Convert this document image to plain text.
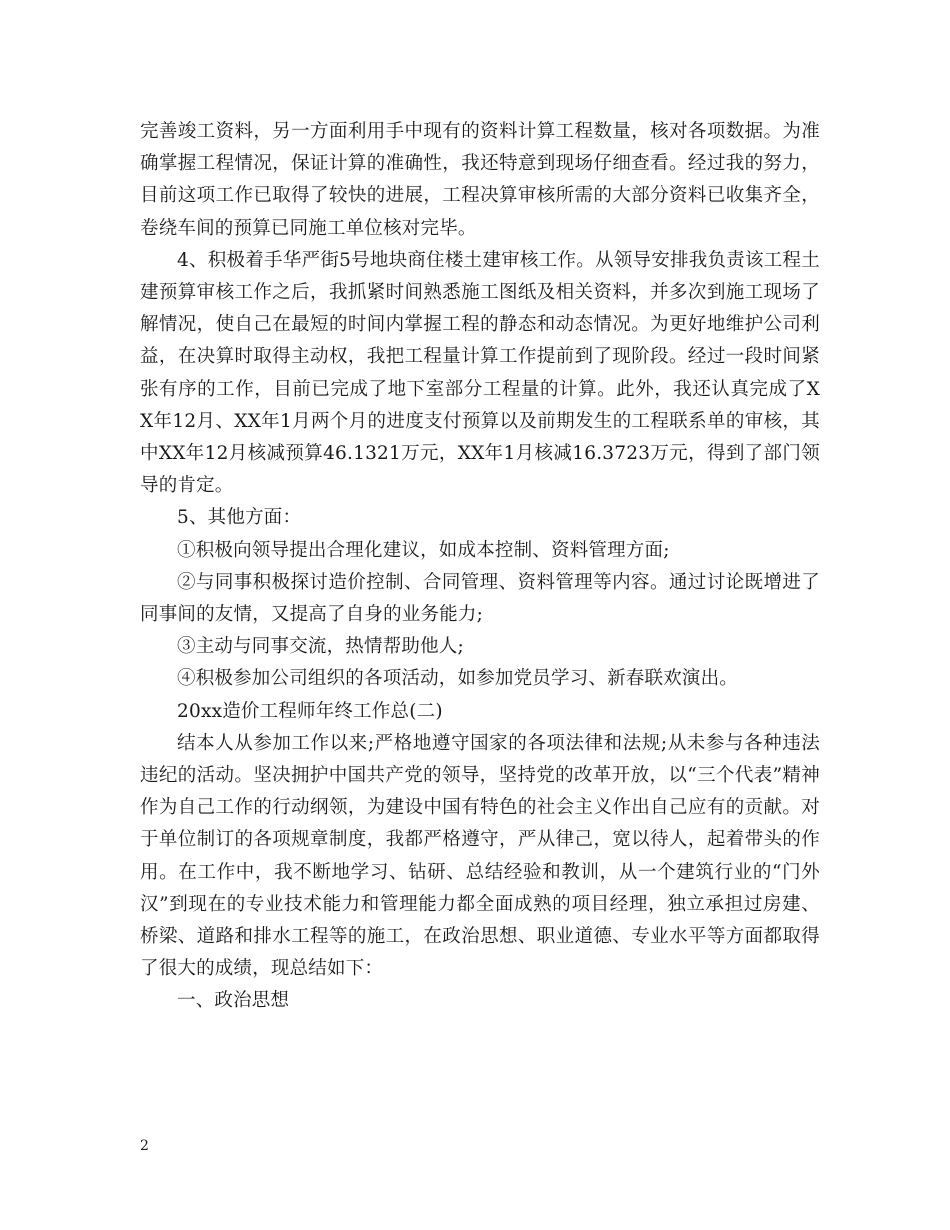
完善竣工资料，另一方面利用手中现有的资料计算工程数量，核对各项数据。为准确掌握工程情况，保证计算的准确性，我还特意到现场仔细查看。经过我的努力，目前这项工作已取得了较快的进展，工程决算审核所需的大部分资料已收集齐全，卷绕车间的预算已同施工单位核对完毕。

4、积极着手华严街5号地块商住楼土建审核工作。从领导安排我负责该工程土建预算审核工作之后，我抓紧时间熟悉施工图纸及相关资料，并多次到施工现场了解情况，使自己在最短的时间内掌握工程的静态和动态情况。为更好地维护公司利益，在决算时取得主动权，我把工程量计算工作提前到了现阶段。经过一段时间紧张有序的工作，目前已完成了地下室部分工程量的计算。此外，我还认真完成了XX年12月、XX年1月两个月的进度支付预算以及前期发生的工程联系单的审核，其中XX年12月核减预算46.1321万元，XX年1月核减16.3723万元，得到了部门领导的肯定。

5、其他方面：

①积极向领导提出合理化建议，如成本控制、资料管理方面;

②与同事积极探讨造价控制、合同管理、资料管理等内容。通过讨论既增进了同事间的友情，又提高了自身的业务能力;

③主动与同事交流，热情帮助他人;

④积极参加公司组织的各项活动，如参加党员学习、新春联欢演出。

20xx造价工程师年终工作总(二)

结本人从参加工作以来;严格地遵守国家的各项法律和法规;从未参与各种违法违纪的活动。坚决拥护中国共产党的领导，坚持党的改革开放，以“三个代表”精神作为自己工作的行动纲领，为建设中国有特色的社会主义作出自己应有的贡献。对于单位制订的各项规章制度，我都严格遵守，严从律己，宽以待人，起着带头的作用。在工作中，我不断地学习、钻研、总结经验和教训，从一个建筑行业的“门外汉”到现在的专业技术能力和管理能力都全面成熟的项目经理，独立承担过房建、桥梁、道路和排水工程等的施工，在政治思想、职业道德、专业水平等方面都取得了很大的成绩，现总结如下：

一、政治思想

2
